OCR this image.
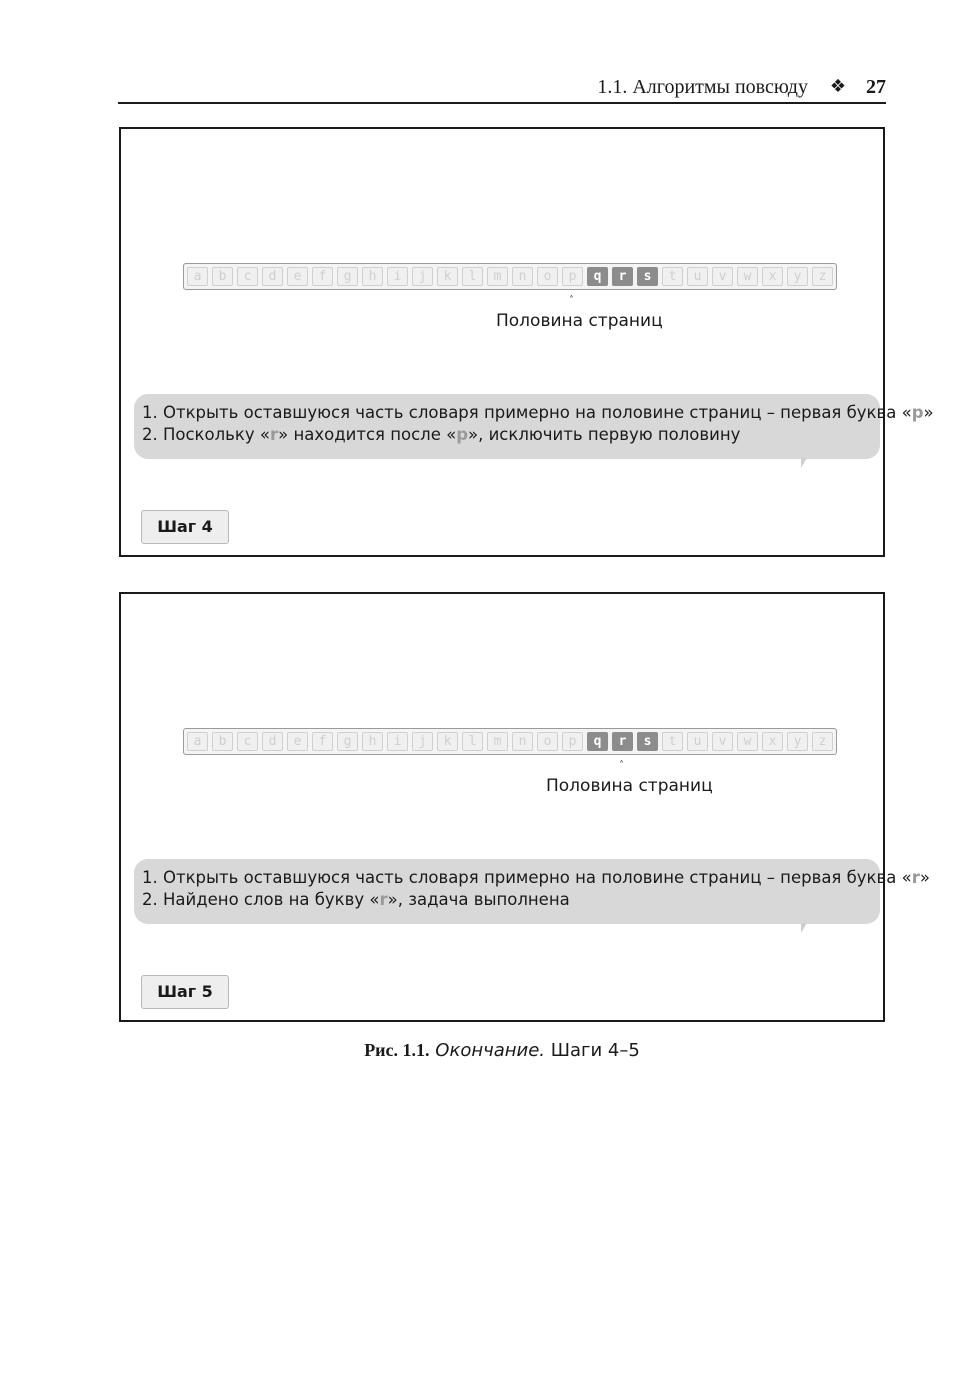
1.1. Алгоритмы повсюду ❖ 27
a	b	c	d	e	f	g	h	i	j	k	l	m	n	o	p	q	r	s	t	u	v	w	x	y	z
˄
Половина страниц
1. Открыть оставшуюся часть словаря примерно на половине страниц – первая буква «p»
2. Поскольку «r» находится после «p», исключить первую половину
Шаг 4
a	b	c	d	e	f	g	h	i	j	k	l	m	n	o	p	q	r	s	t	u	v	w	x	y	z
˄
Половина страниц
1. Открыть оставшуюся часть словаря примерно на половине страниц – первая буква «r»
2. Найдено слов на букву «r», задача выполнена
Шаг 5
Рис. 1.1. Окончание. Шаги 4–5
